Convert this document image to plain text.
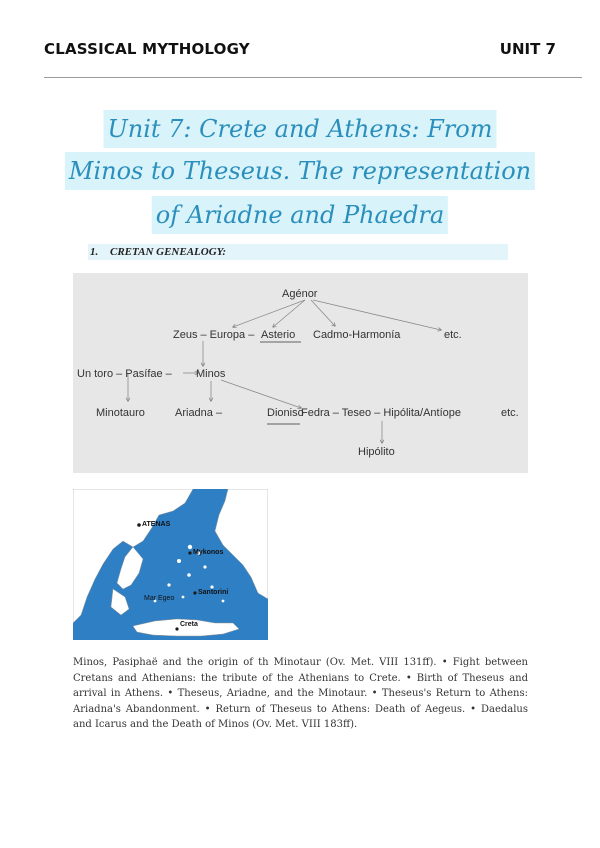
CLASSICAL MYTHOLOGY	UNIT 7
Unit 7: Crete and Athens: From
Minos to Theseus. The representation
of Ariadne and Phaedra
1. CRETAN GENEALOGY:
Agénor
Zeus – Europa – Asterio Cadmo-Harmonía	etc.
Un toro – Pasífae – Minos
Minotauro	Ariadna –	Dioniso
Fedra – Teseo – Hipólita/Antíope	etc.
Hipólito
ATENAS
Mykonos
Santorini
Mar Egeo
Creta
Minos, Pasiphaë and the origin of th Minotaur (Ov. Met. VIII 131ff). • Fight between Cretans and Athenians: the tribute of the Athenians to Crete. • Birth of Theseus and arrival in Athens. • Theseus, Ariadne, and the Minotaur. • Theseus's Return to Athens: Ariadna's Abandonment. • Return of Theseus to Athens: Death of Aegeus. • Daedalus and Icarus and the Death of Minos (Ov. Met. VIII 183ff).
